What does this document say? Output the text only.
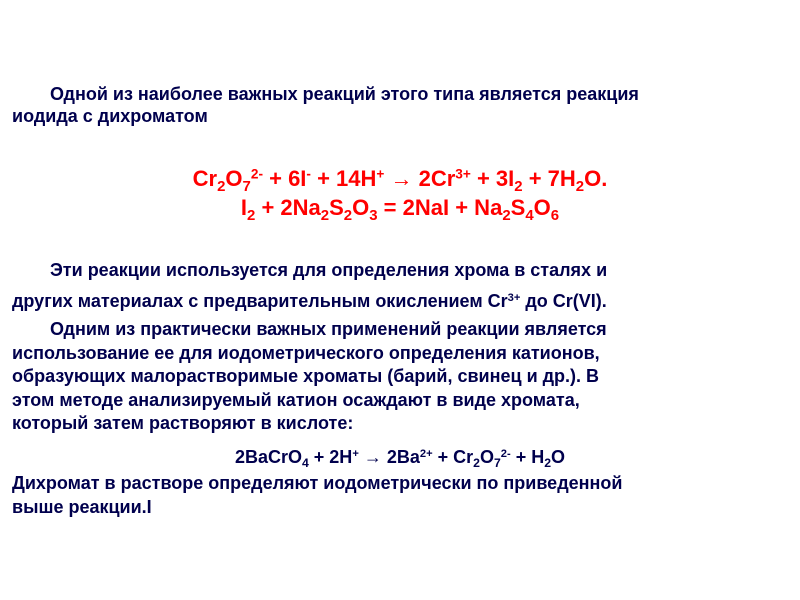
Одной из наиболее важных реакций этого типа является реакция
иодида с дихроматом
$Cr_2O_7^{2-} + 6I^- + 14H^+ \to 2Cr^{3+} + 3I_2 + 7H_2O$.
$I_2 + 2Na_2S_2O_3 = 2NaI + Na_2S_4O_6$
Эти реакции используется для определения хрома в сталях и
других материалах с предварительным окислением $Cr^{3+}$ до Cr(VI).
Одним из практически важных применений реакции является
использование ее для иодометрического определения катионов,
образующих малорастворимые хроматы (барий, свинец и др.). В
этом методе анализируемый катион осаждают в виде хромата,
который затем растворяют в кислоте:
2BaCrO$_4$ + $2H^+ \to 2Ba^{2+} + Cr_2O_7^{2-} + H_2O$
Дихромат в растворе определяют иодометрически по приведенной
выше реакции.I
